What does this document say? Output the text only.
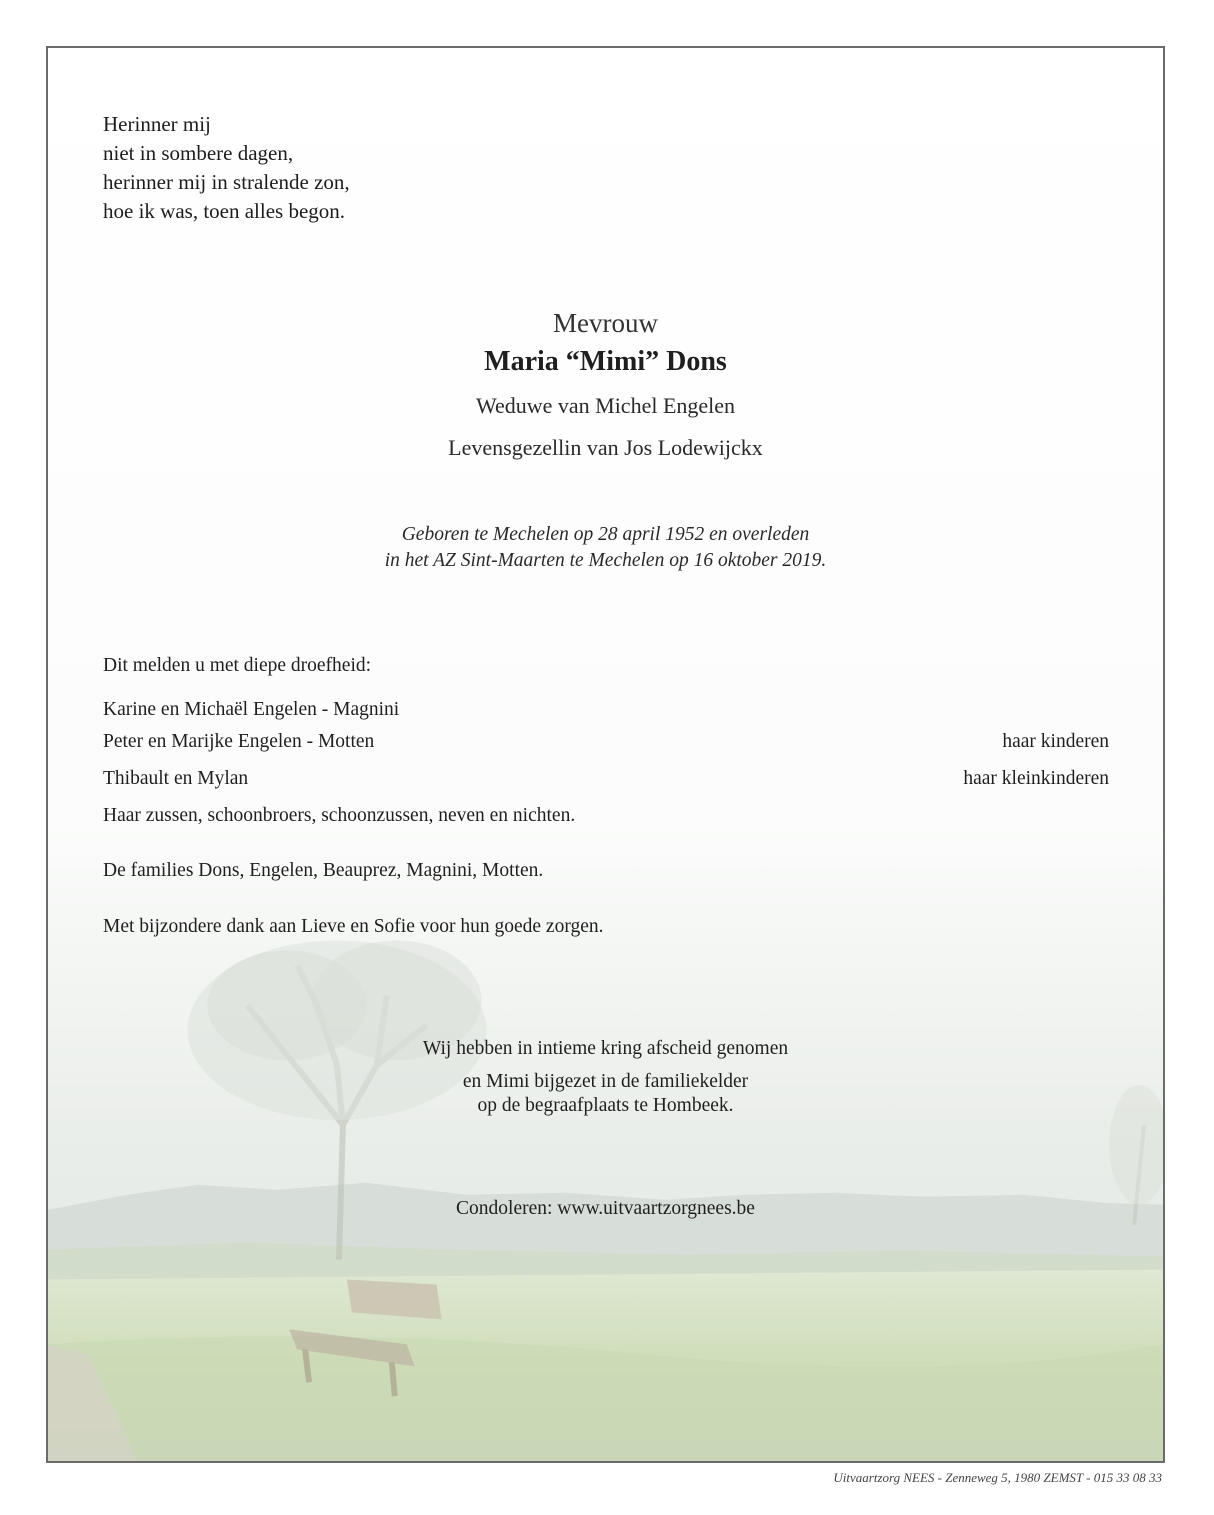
Herinner mij
niet in sombere dagen,
herinner mij in stralende zon,
hoe ik was, toen alles begon.
Mevrouw
Maria “Mimi” Dons
Weduwe van Michel Engelen
Levensgezellin van Jos Lodewijckx
Geboren te Mechelen op 28 april 1952 en overleden
in het AZ Sint-Maarten te Mechelen op 16 oktober 2019.
Dit melden u met diepe droefheid:
Karine en Michaël Engelen - Magnini
Peter en Marijke Engelen - Motten	haar kinderen
Thibault en Mylan	haar kleinkinderen
Haar zussen, schoonbroers, schoonzussen, neven en nichten.
De families Dons, Engelen, Beauprez, Magnini, Motten.
Met bijzondere dank aan Lieve en Sofie voor hun goede zorgen.
Wij hebben in intieme kring afscheid genomen
en Mimi bijgezet in de familiekelder
op de begraafplaats te Hombeek.
Condoleren: www.uitvaartzorgnees.be
Uitvaartzorg NEES - Zenneweg 5, 1980 ZEMST - 015 33 08 33
